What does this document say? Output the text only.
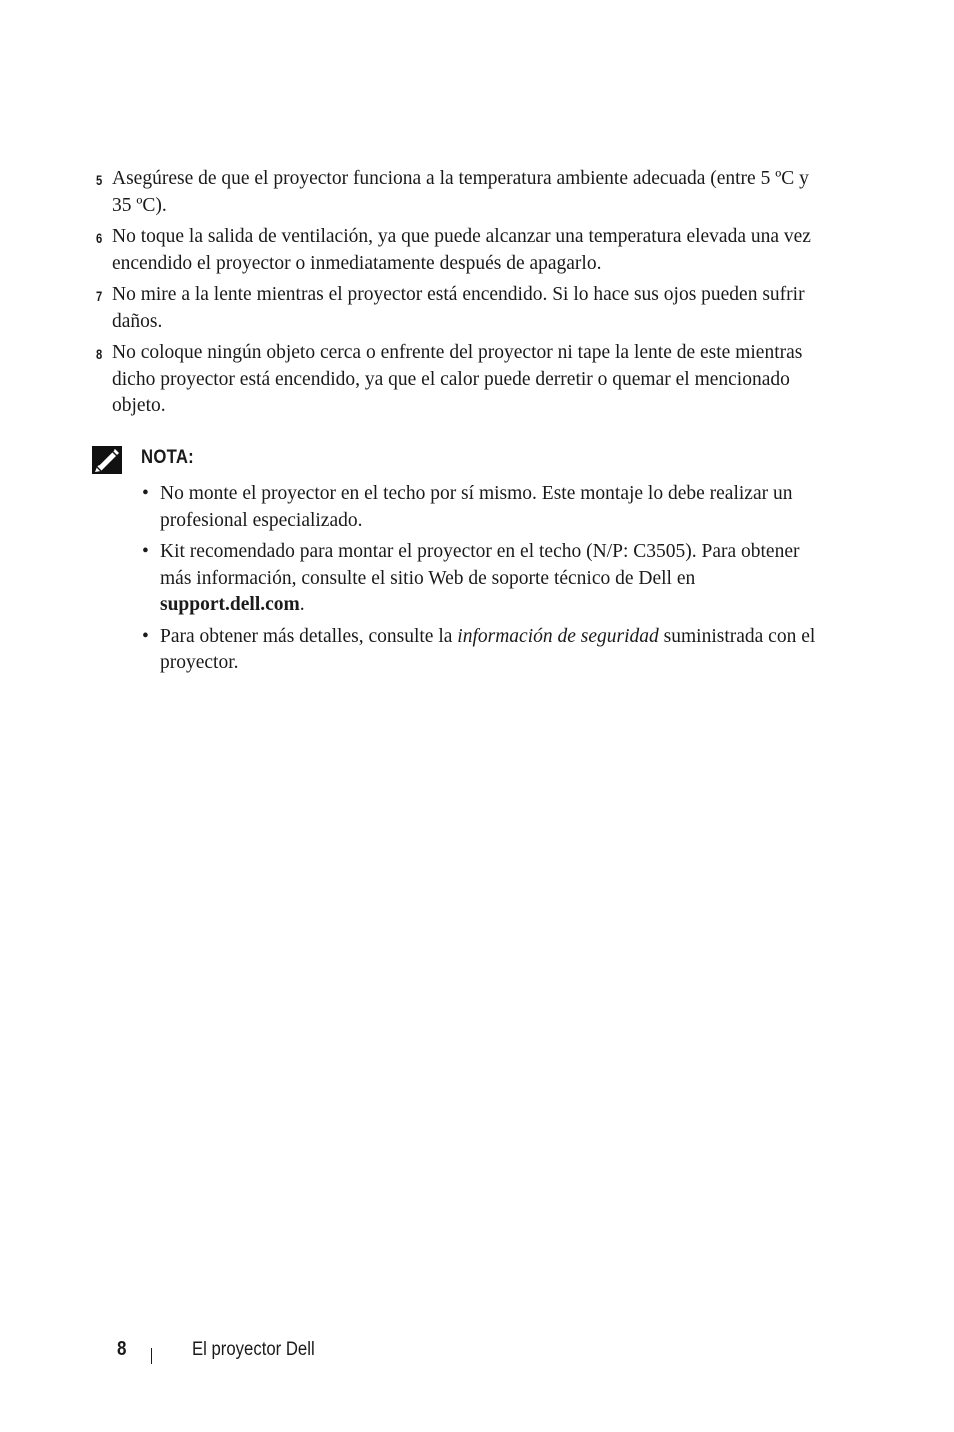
5 Asegúrese de que el proyector funciona a la temperatura ambiente adecuada (entre 5 ºC y 35 ºC).
6 No toque la salida de ventilación, ya que puede alcanzar una temperatura elevada una vez encendido el proyector o inmediatamente después de apagarlo.
7 No mire a la lente mientras el proyector está encendido. Si lo hace sus ojos pueden sufrir daños.
8 No coloque ningún objeto cerca o enfrente del proyector ni tape la lente de este mientras dicho proyector está encendido, ya que el calor puede derretir o quemar el mencionado objeto.
NOTA:
• No monte el proyector en el techo por sí mismo. Este montaje lo debe realizar un profesional especializado.
• Kit recomendado para montar el proyector en el techo (N/P: C3505). Para obtener más información, consulte el sitio Web de soporte técnico de Dell en support.dell.com.
• Para obtener más detalles, consulte la información de seguridad suministrada con el proyector.
8	El proyector Dell
